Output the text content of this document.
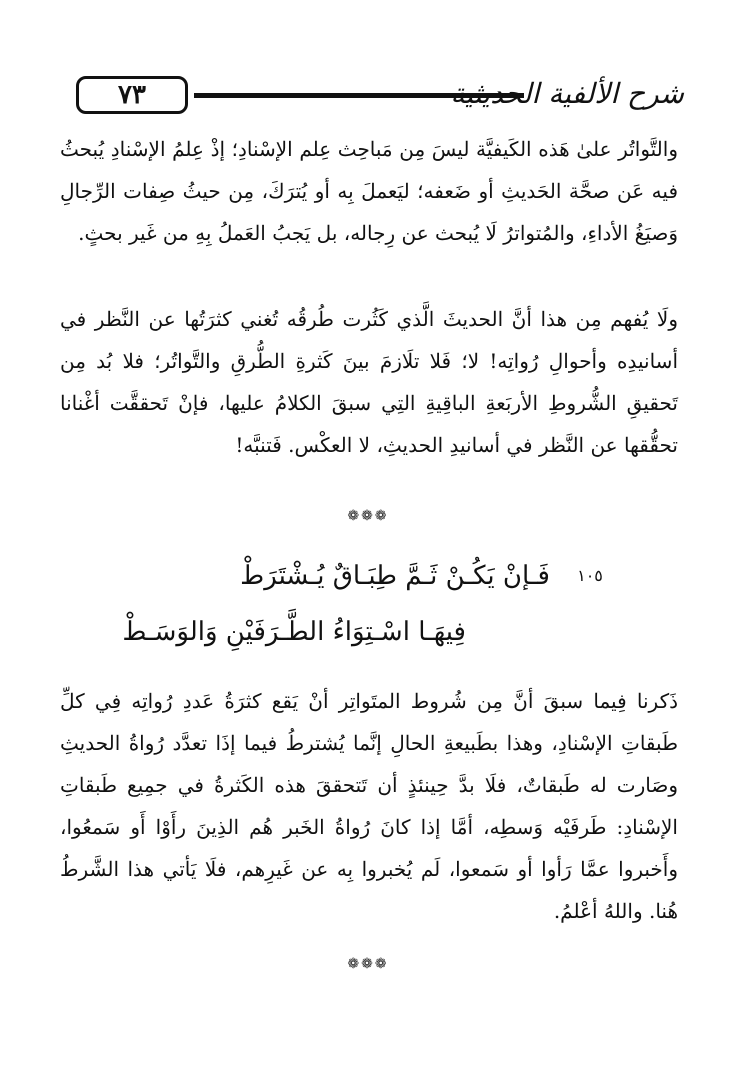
٧٣	شرح الألفية الحديثية

والتَّواتُر علىٰ هَذه الكَيفيَّة ليسَ مِن مَباحِث عِلم الإسْنادِ؛ إذْ عِلمُ الإسْنادِ يُبحثُ فيه عَن صحَّة الحَديثِ أو ضَعفه؛ ليَعملَ بِه أو يُترَكَ، مِن حيثُ صِفات الرِّجالِ وَصيَغُ الأداءِ، والمُتواترُ لَا يُبحث عن رِجاله، بل يَجبُ العَملُ بِهِ من غَير بحثٍ.

ولَا يُفهم مِن هذا أنَّ الحديثَ الَّذي كَثُرت طُرقُه تُغني كثرَتُها عن النَّظر في أسانيدِه وأحوالِ رُواتِه! لا؛ فَلا تلَازمَ بينَ كَثرةِ الطُّرقِ والتَّواتُر؛ فلا بُد مِن تَحقيقِ الشُّروطِ الأربَعةِ الباقِيةِ التِي سبقَ الكلامُ عليها، فإنْ تَحققَّت أغْنانا تحقُّقها عن النَّظر في أسانيدِ الحديثِ، لا العكْس. فَتنبَّه!

❁❁❁
١٠٥
فَـإنْ يَكُـنْ ثَـمَّ طِبَـاقٌ يُـشْتَرَطْ
فِيهَـا اسْـتِوَاءُ الطَّـرَفَيْنِ وَالوَسَـطْ

ذَكرنا فِيما سبقَ أنَّ مِن شُروط المتَواتِر أنْ يَقع كثرَةُ عَددِ رُواتِه فِي كلِّ طَبقاتِ الإسْنادِ، وهذا بطَبيعةِ الحالِ إنَّما يُشترطُ فيما إذَا تعدَّد رُواةُ الحديثِ وصَارت له طَبقاتٌ، فلَا بدَّ حِينئذٍ أن تَتحققَ هذه الكَثرةُ في جمِيع طَبقاتِ الإسْنادِ: طَرفَيْه وَسطِه، أمَّا إذا كانَ رُواةُ الخَبر هُم الذِينَ رأَوْا أَو سَمعُوا، وأَخبروا عمَّا رَأوا أو سَمعوا، لَم يُخبروا بِه عن غَيرِهم، فلَا يَأتي هذا الشَّرطُ هُنا. واللهُ أعْلمُ.

❁❁❁
